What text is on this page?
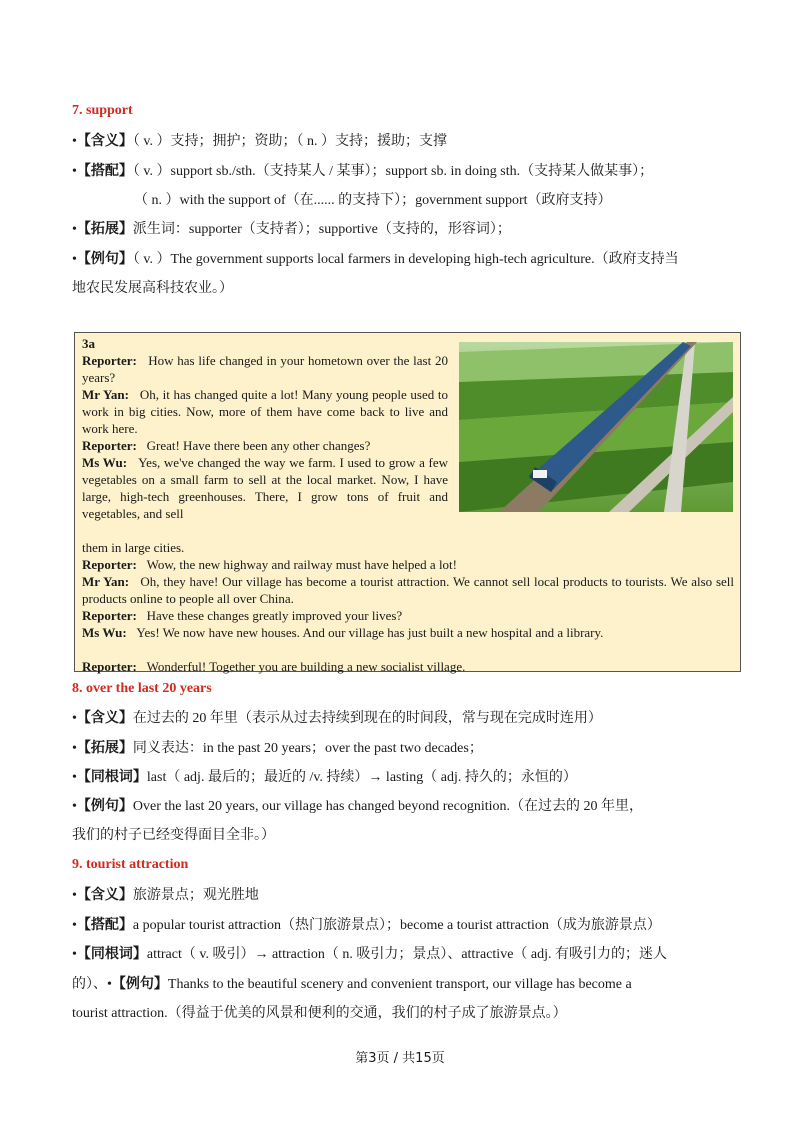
7. support
•【含义】（ v. ）支持；拥护；资助；（ n. ）支持；援助；支撑
•【搭配】（ v. ）support sb./sth.（支持某人 / 某事）；support sb. in doing sth.（支持某人做某事）；
（ n. ）with the support of（在...... 的支持下）；government support（政府支持）
•【拓展】派生词：supporter（支持者）；supportive（支持的，形容词）；
•【例句】（ v. ）The government supports local farmers in developing high-tech agriculture.（政府支持当
地农民发展高科技农业。）
3a
Reporter: How has life changed in your hometown over the last 20 years?
Mr Yan: Oh, it has changed quite a lot! Many young people used to work in big cities. Now, more of them have come back to live and work here.
Reporter: Great! Have there been any other changes?
Ms Wu: Yes, we've changed the way we farm. I used to grow a few vegetables on a small farm to sell at the local market. Now, I have large, high-tech greenhouses. There, I grow tons of fruit and vegetables, and sell
them in large cities.
Reporter: Wow, the new highway and railway must have helped a lot!
Mr Yan: Oh, they have! Our village has become a tourist attraction. We cannot sell local products to tourists. We also sell products online to people all over China.
Reporter: Have these changes greatly improved your lives?
Ms Wu: Yes! We now have new houses. And our village has just built a new hospital and a library.
Reporter: Wonderful! Together you are building a new socialist village.
8. over the last 20 years
•【含义】在过去的 20 年里（表示从过去持续到现在的时间段，常与现在完成时连用）
•【拓展】同义表达：in the past 20 years；over the past two decades；
•【同根词】last（ adj. 最后的；最近的 /v. 持续）→ lasting（ adj. 持久的；永恒的）
•【例句】Over the last 20 years, our village has changed beyond recognition.（在过去的 20 年里，
我们的村子已经变得面目全非。）
9. tourist attraction
•【含义】旅游景点；观光胜地
•【搭配】a popular tourist attraction（热门旅游景点）；become a tourist attraction（成为旅游景点）
•【同根词】attract（ v. 吸引）→ attraction（ n. 吸引力；景点）、attractive（ adj. 有吸引力的；迷人
的）、•【例句】Thanks to the beautiful scenery and convenient transport, our village has become a
tourist attraction.（得益于优美的风景和便利的交通，我们的村子成了旅游景点。）
第3页 / 共15页
